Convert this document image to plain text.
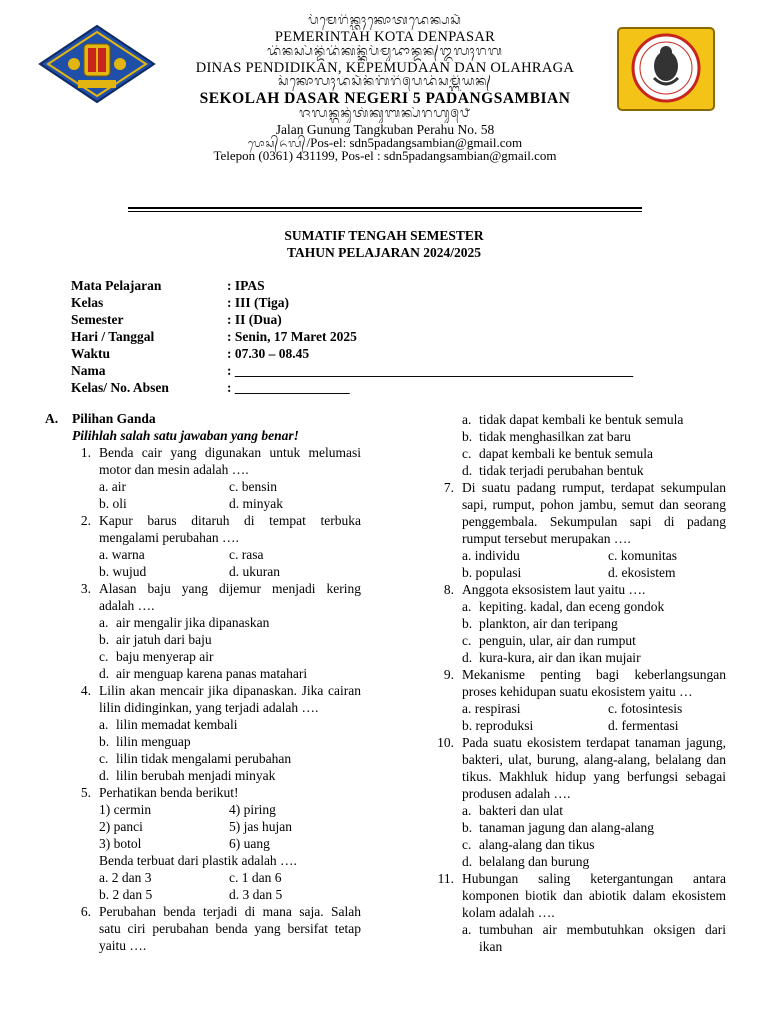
ᬧᭂᬫᬾᬭᬶᬦ᭄ᬢᬄᬓᭀᬢᬤᬾᬦ᭄ᬧᬲᬃ
PEMERINTAH KOTA DENPASAR
ᬤᬶᬦᬲ᭄ᬧᭂᬦ᭄ᬤᬶᬤᬶᬓᬦ᭄ᬓᭂᬧᭂᬫᬸᬤᬵᬦ᭄ᬤᬦ᭄ᬑᬮᬄᬭᬕ
DINAS PENDIDIKAN, KEPEMUDAAN DAN OLAHRAGA
ᬲᭂᬓᭀᬮᬄᬤᬲᬃᬦᭂᬕᭂᬭᬶ᭕ᬧᬤᬂᬲᬫ᭄ᬩᬶᬬᬦ᭄
SEKOLAH DASAR NEGERI 5 PADANGSAMBIAN
ᬚᬮᬦ᭄ᬕᬸᬦᬸᬂᬢᬂᬓᬸᬩᬦ᭄ᬧᭂᬭᬳᬸ᭕᭘
Jalan Gunung Tangkuban Perahu No. 58
ᬧᭀᬲ᭄ᬏᬮ᭄/Pos-el: sdn5padangsambian@gmail.com
Telepon (0361) 431199, Pos-el : sdn5padangsambian@gmail.com
SUMATIF TENGAH SEMESTER
TAHUN PELAJARAN 2024/2025
Mata Pelajaran	: IPAS
Kelas	: III (Tiga)
Semester	: II (Dua)
Hari / Tanggal	: Senin, 17 Maret 2025
Waktu	: 07.30 – 08.45
Nama	: ___________________________________________________________
Kelas/ No. Absen	: _________________
A. Pilihan Ganda
Pilihlah salah satu jawaban yang benar!
1. Benda cair yang digunakan untuk melumasi motor dan mesin adalah ….
a. air	c. bensin
b. oli	d. minyak
2. Kapur barus ditaruh di tempat terbuka mengalami perubahan ….
a. warna	c. rasa
b. wujud	d. ukuran
3. Alasan baju yang dijemur menjadi kering adalah ….
a. air mengalir jika dipanaskan
b. air jatuh dari baju
c. baju menyerap air
d. air menguap karena panas matahari
4. Lilin akan mencair jika dipanaskan. Jika cairan lilin didinginkan, yang terjadi adalah ….
a. lilin memadat kembali
b. lilin menguap
c. lilin tidak mengalami perubahan
d. lilin berubah menjadi minyak
5. Perhatikan benda berikut!
1) cermin	4) piring
2) panci	5) jas hujan
3) botol	6) uang
Benda terbuat dari plastik adalah ….
a. 2 dan 3	c. 1 dan 6
b. 2 dan 5	d. 3 dan 5
6. Perubahan benda terjadi di mana saja. Salah satu ciri perubahan benda yang bersifat tetap yaitu ….
a. tidak dapat kembali ke bentuk semula
b. tidak menghasilkan zat baru
c. dapat kembali ke bentuk semula
d. tidak terjadi perubahan bentuk
7. Di suatu padang rumput, terdapat sekumpulan sapi, rumput, pohon jambu, semut dan seorang penggembala. Sekumpulan sapi di padang rumput tersebut merupakan ….
a. individu	c. komunitas
b. populasi	d. ekosistem
8. Anggota eksosistem laut yaitu ….
a. kepiting. kadal, dan eceng gondok
b. plankton, air dan teripang
c. penguin, ular, air dan rumput
d. kura-kura, air dan ikan mujair
9. Mekanisme penting bagi keberlangsungan proses kehidupan suatu ekosistem yaitu …
a. respirasi	c. fotosintesis
b. reproduksi	d. fermentasi
10. Pada suatu ekosistem terdapat tanaman jagung, bakteri, ulat, burung, alang-alang, belalang dan tikus. Makhluk hidup yang berfungsi sebagai produsen adalah ….
a. bakteri dan ulat
b. tanaman jagung dan alang-alang
c. alang-alang dan tikus
d. belalang dan burung
11. Hubungan saling ketergantungan antara komponen biotik dan abiotik dalam ekosistem kolam adalah ….
a. tumbuhan air membutuhkan oksigen dari ikan
